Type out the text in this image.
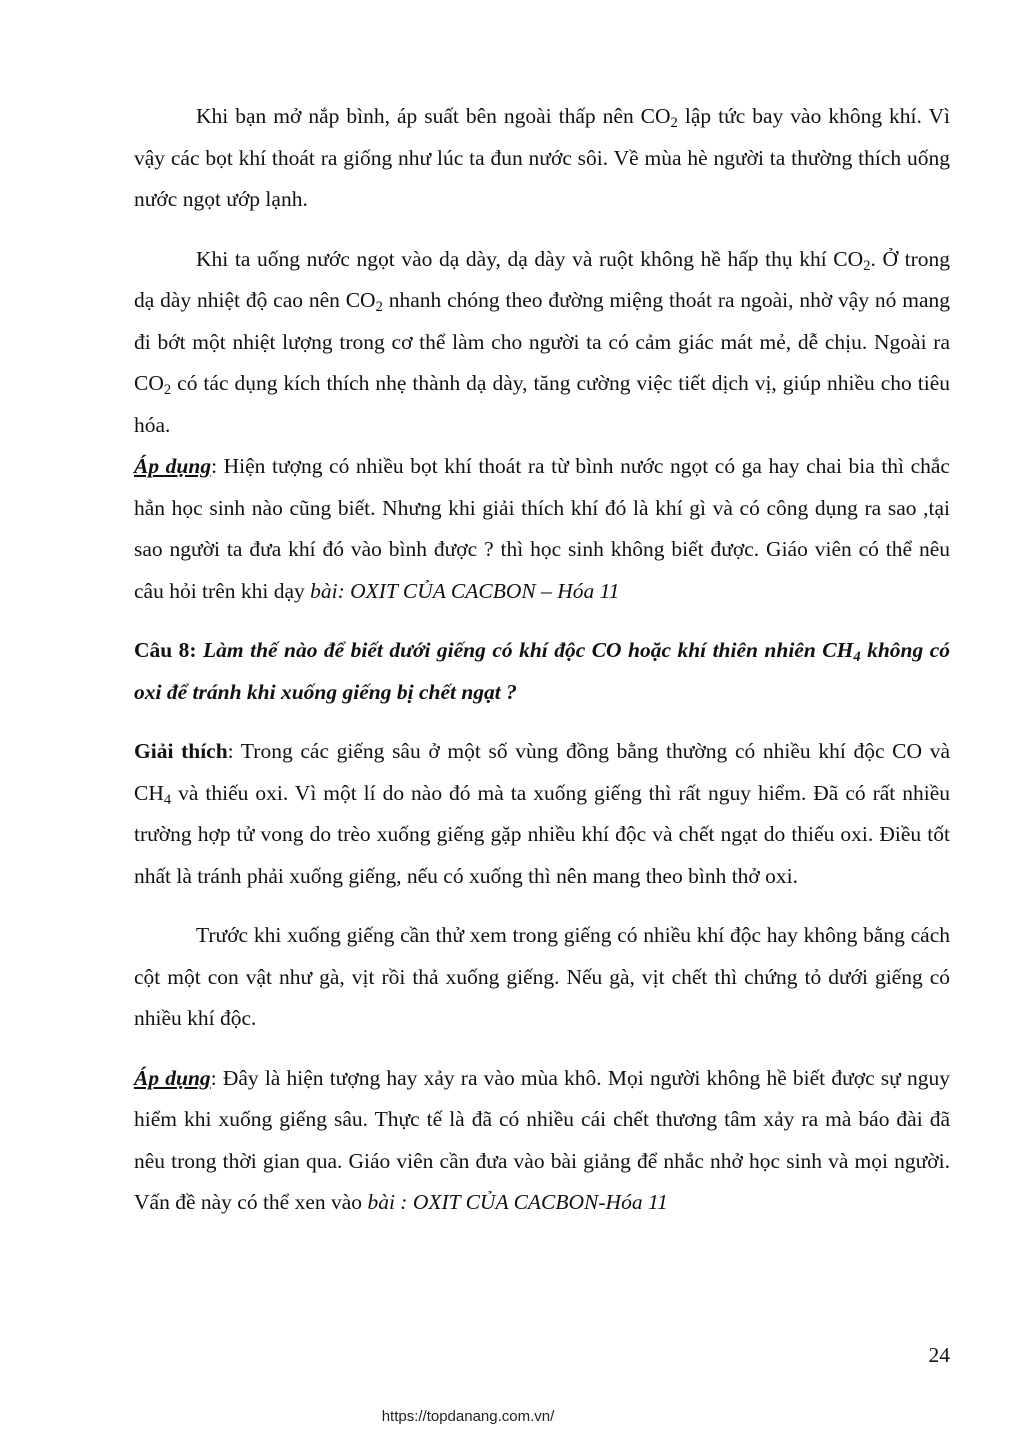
Khi bạn mở nắp bình, áp suất bên ngoài thấp nên $CO_2$ lập tức bay vào không khí. Vì vậy các bọt khí thoát ra giống như lúc ta đun nước sôi. Về mùa hè người ta thường thích uống nước ngọt ướp lạnh.

Khi ta uống nước ngọt vào dạ dày, dạ dày và ruột không hề hấp thụ khí $CO_2$. Ở trong dạ dày nhiệt độ cao nên $CO_2$ nhanh chóng theo đường miệng thoát ra ngoài, nhờ vậy nó mang đi bớt một nhiệt lượng trong cơ thể làm cho người ta có cảm giác mát mẻ, dễ chịu. Ngoài ra $CO_2$ có tác dụng kích thích nhẹ thành dạ dày, tăng cường việc tiết dịch vị, giúp nhiều cho tiêu hóa.

Áp dụng: Hiện tượng có nhiều bọt khí thoát ra từ bình nước ngọt có ga hay chai bia thì chắc hẳn học sinh nào cũng biết. Nhưng khi giải thích khí đó là khí gì và có công dụng ra sao ,tại sao người ta đưa khí đó vào bình được ? thì học sinh không biết được. Giáo viên có thể nêu câu hỏi trên khi dạy bài: OXIT CỦA CACBON – Hóa 11

Câu 8: Làm thế nào để biết dưới giếng có khí độc CO hoặc khí thiên nhiên $CH_4$ không có oxi để tránh khi xuống giếng bị chết ngạt ?

Giải thích: Trong các giếng sâu ở một số vùng đồng bằng thường có nhiều khí độc CO và $CH_4$ và thiếu oxi. Vì một lí do nào đó mà ta xuống giếng thì rất nguy hiểm. Đã có rất nhiều trường hợp tử vong do trèo xuống giếng gặp nhiều khí độc và chết ngạt do thiếu oxi. Điều tốt nhất là tránh phải xuống giếng, nếu có xuống thì nên mang theo bình thở oxi.

Trước khi xuống giếng cần thử xem trong giếng có nhiều khí độc hay không bằng cách cột một con vật như gà, vịt rồi thả xuống giếng. Nếu gà, vịt chết thì chứng tỏ dưới giếng có nhiều khí độc.

Áp dụng: Đây là hiện tượng hay xảy ra vào mùa khô. Mọi người không hề biết được sự nguy hiểm khi xuống giếng sâu. Thực tế là đã có nhiều cái chết thương tâm xảy ra mà báo đài đã nêu trong thời gian qua. Giáo viên cần đưa vào bài giảng để nhắc nhở học sinh và mọi người. Vấn đề này có thể xen vào bài : OXIT CỦA CACBON-Hóa 11

24
https://topdanang.com.vn/
